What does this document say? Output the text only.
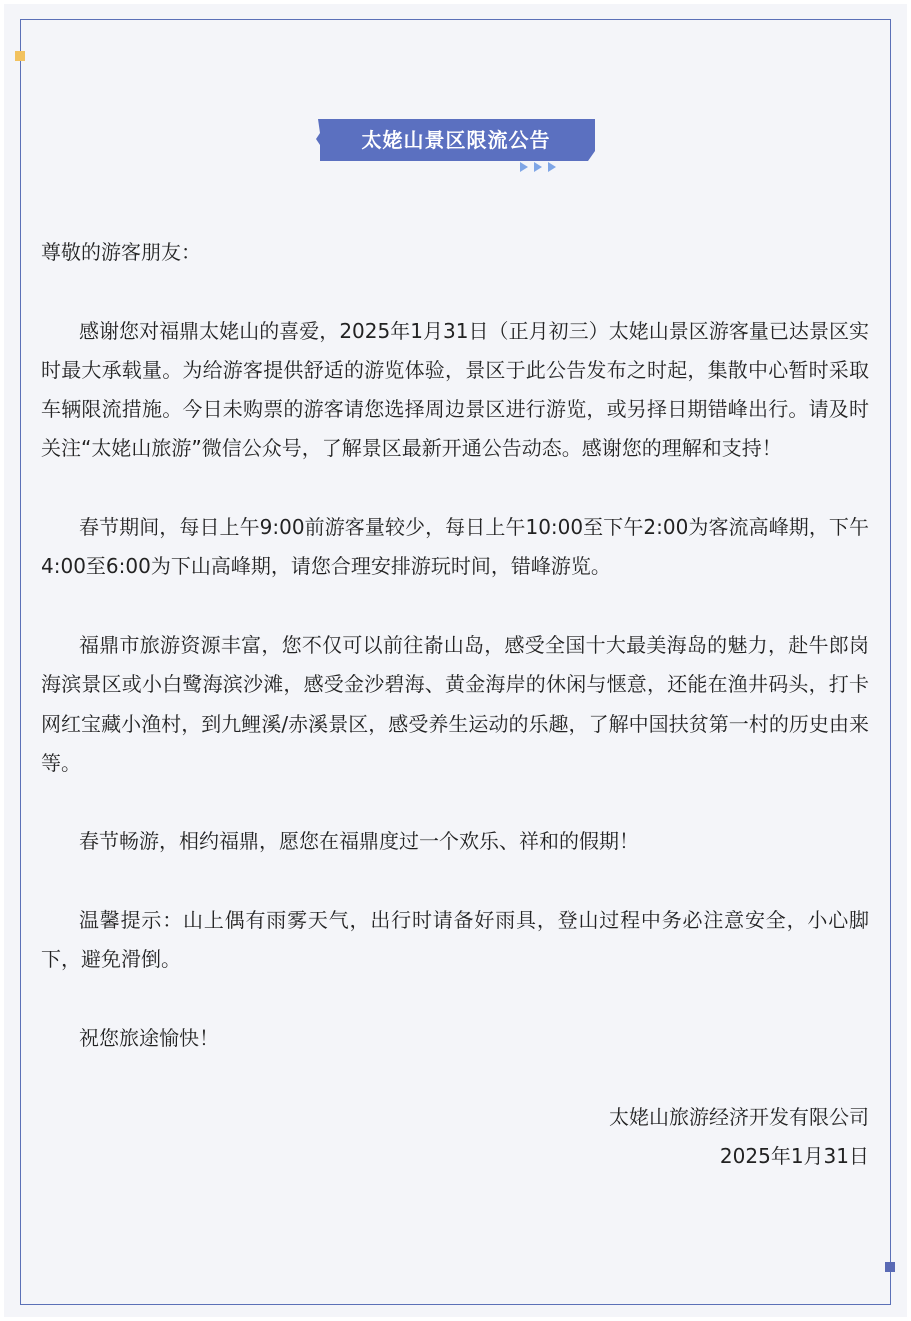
太姥山景区限流公告

尊敬的游客朋友：

感谢您对福鼎太姥山的喜爱，2025年1月31日（正月初三）太姥山景区游客量已达景区实时最大承载量。为给游客提供舒适的游览体验，景区于此公告发布之时起，集散中心暂时采取车辆限流措施。今日未购票的游客请您选择周边景区进行游览，或另择日期错峰出行。请及时关注“太姥山旅游”微信公众号，了解景区最新开通公告动态。感谢您的理解和支持！

春节期间，每日上午9:00前游客量较少，每日上午10:00至下午2:00为客流高峰期，下午4:00至6:00为下山高峰期，请您合理安排游玩时间，错峰游览。

福鼎市旅游资源丰富，您不仅可以前往嵛山岛，感受全国十大最美海岛的魅力，赴牛郎岗海滨景区或小白鹭海滨沙滩，感受金沙碧海、黄金海岸的休闲与惬意，还能在渔井码头，打卡网红宝藏小渔村，到九鲤溪/赤溪景区，感受养生运动的乐趣，了解中国扶贫第一村的历史由来等。

春节畅游，相约福鼎，愿您在福鼎度过一个欢乐、祥和的假期！

温馨提示：山上偶有雨雾天气，出行时请备好雨具，登山过程中务必注意安全，小心脚下，避免滑倒。

祝您旅途愉快！

太姥山旅游经济开发有限公司

2025年1月31日
